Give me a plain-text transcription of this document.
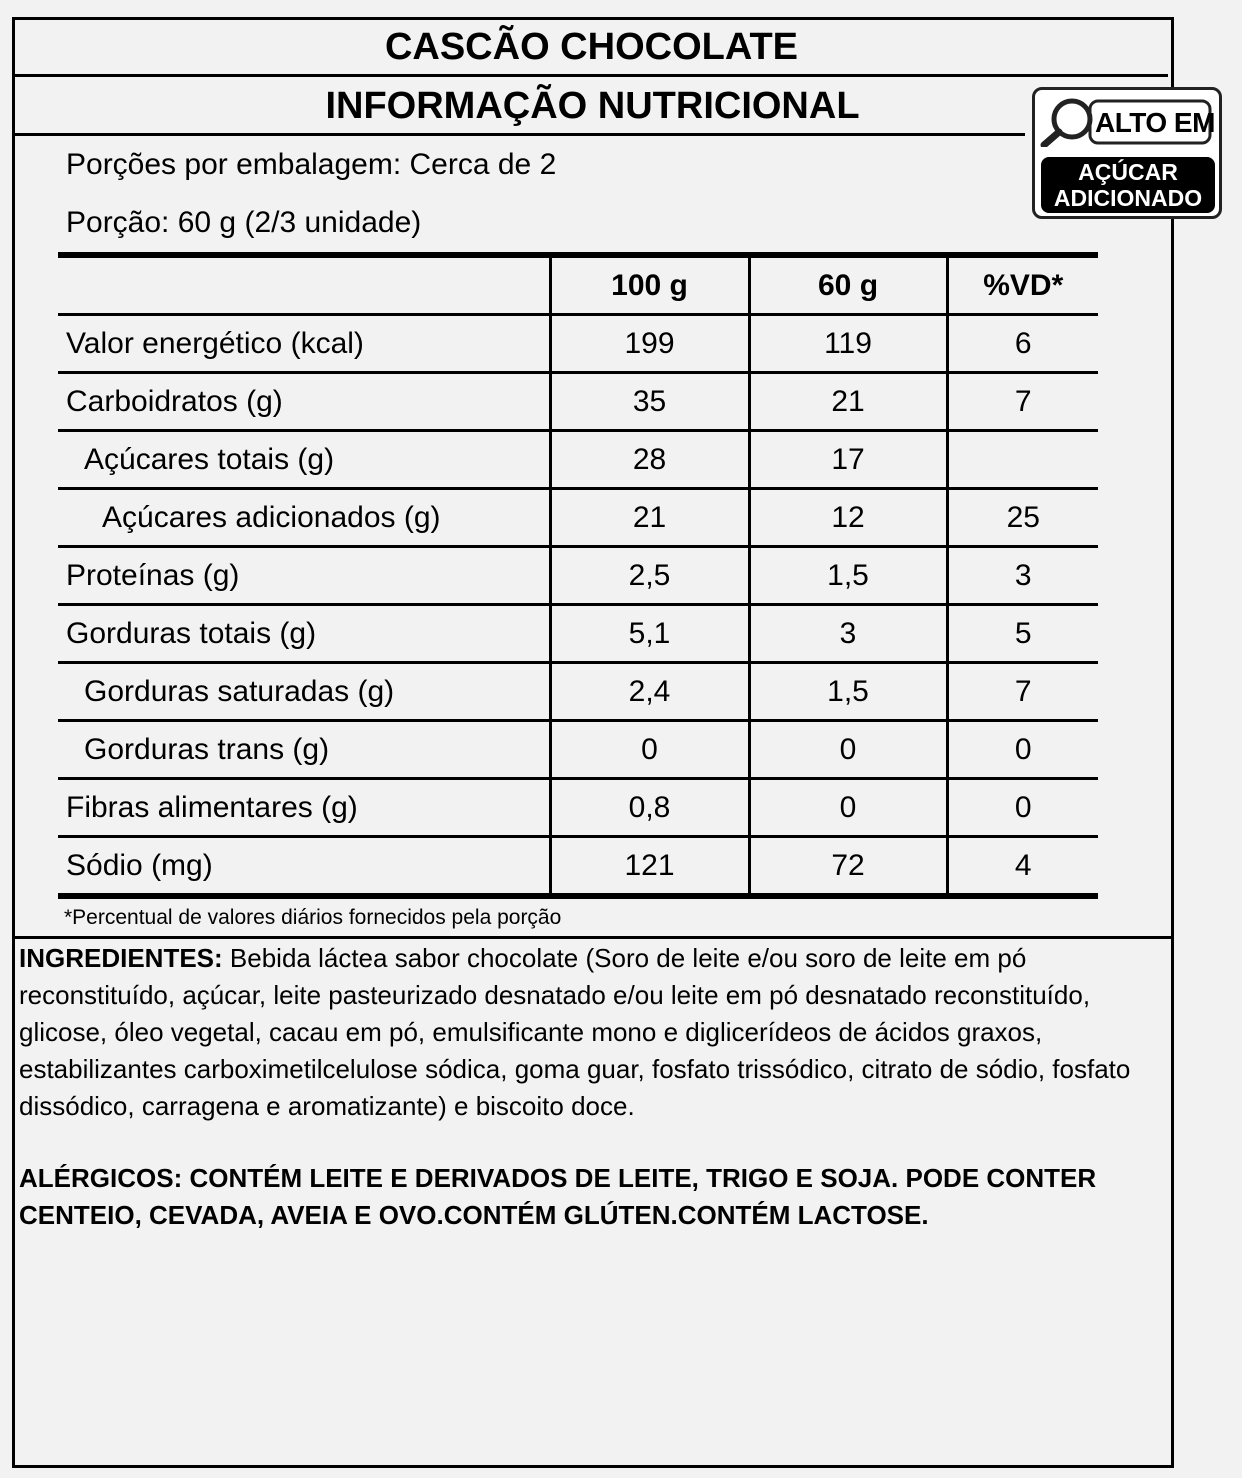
CASCÃO CHOCOLATE
INFORMAÇÃO NUTRICIONAL	ALTO EM
AÇÚCAR
ADICIONADO
Porções por embalagem: Cerca de 2
Porção: 60 g (2/3 unidade)
	100 g	60 g	%VD*
Valor energético (kcal)	199	119	6
Carboidratos (g)	35	21	7
Açúcares totais (g)	28	17	
Açúcares adicionados (g)	21	12	25
Proteínas (g)	2,5	1,5	3
Gorduras totais (g)	5,1	3	5
Gorduras saturadas (g)	2,4	1,5	7
Gorduras trans (g)	0	0	0
Fibras alimentares (g)	0,8	0	0
Sódio (mg)	121	72	4
*Percentual de valores diários fornecidos pela porção
INGREDIENTES: Bebida láctea sabor chocolate (Soro de leite e/ou soro de leite em pó reconstituído, açúcar, leite pasteurizado desnatado e/ou leite em pó desnatado reconstituído, glicose, óleo vegetal, cacau em pó, emulsificante mono e diglicerídeos de ácidos graxos, estabilizantes carboximetilcelulose sódica, goma guar, fosfato trissódico, citrato de sódio, fosfato dissódico, carragena e aromatizante) e biscoito doce.
ALÉRGICOS: CONTÉM LEITE E DERIVADOS DE LEITE, TRIGO E SOJA. PODE CONTER CENTEIO, CEVADA, AVEIA E OVO.CONTÉM GLÚTEN.CONTÉM LACTOSE.
